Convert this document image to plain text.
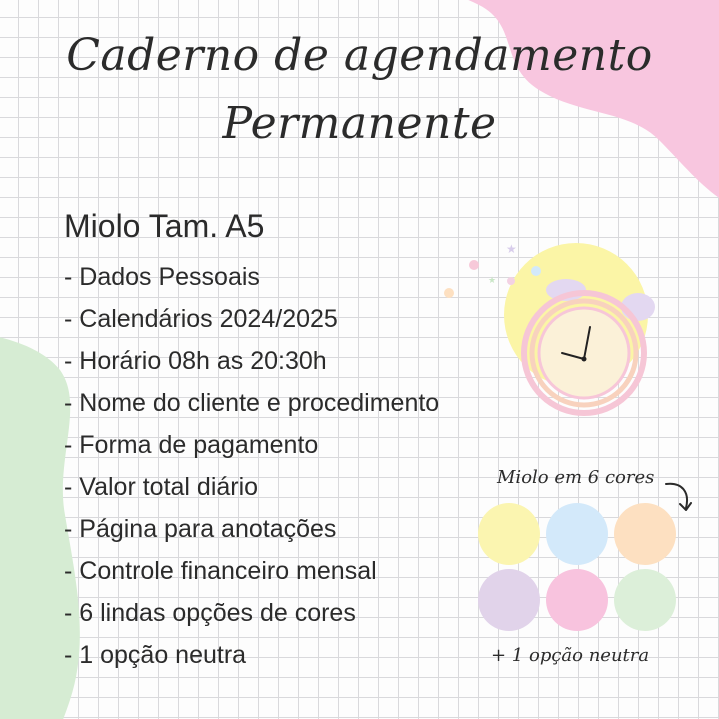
Caderno de agendamento
Permanente
Miolo Tam. A5
- Dados Pessoais
- Calendários 2024/2025
- Horário 08h as 20:30h
- Nome do cliente e procedimento
- Forma de pagamento
- Valor total diário
- Página para anotações
- Controle financeiro mensal
- 6 lindas opções de cores
- 1 opção neutra
★
★
Miolo em 6 cores
+ 1 opção neutra
